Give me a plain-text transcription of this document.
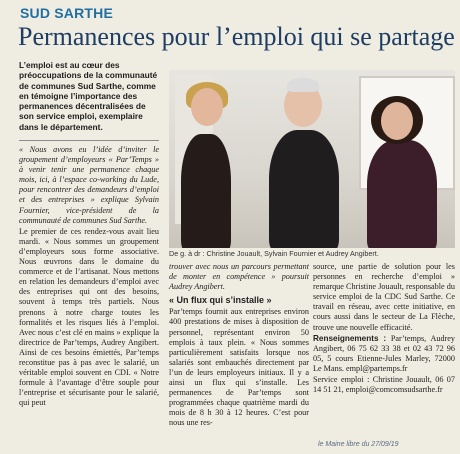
SUD SARTHE
Permanences pour l’emploi qui se partage
L’emploi est au cœur des préoccupations de la communauté de communes Sud Sarthe, comme en témoigne l’importance des permanences décentralisées de son service emploi, exemplaire dans le département.

« Nous avons eu l’idée d’inviter le groupement d’employeurs « Par’Temps » à venir tenir une permanence chaque mois, ici, à l’espace co-working du Lude, pour rencontrer des demandeurs d’emploi et des entreprises » explique Sylvain Fournier, vice-président de la communauté de communes Sud Sarthe.

Le premier de ces rendez-vous avait lieu mardi. « Nous sommes un groupement d’employeurs sous forme associative. Nous œuvrons dans le domaine du commerce et de l’artisanat. Nous mettons en relation les demandeurs d’emploi avec des entreprises qui ont des besoins, souvent à temps très partiels. Nous prenons à notre charge toutes les formalités et les risques liés à l’emploi. Avec nous c’est clé en mains » explique la directrice de Par’temps, Audrey Angibert. Ainsi de ces besoins émiettés, Par’temps reconstitue pas à pas avec le salarié, un véritable emploi souvent en CDI. « Notre formule à l’avantage d’être souple pour l’entreprise et sécurisante pour le salarié, qui peut

De g. à dr : Christine Jouault, Sylvain Fournier et Audrey Angibert.

trouver avec nous un parcours permettant de monter en compétence » poursuit Audrey Angibert.

« Un flux qui s’installe »

Par’temps fournit aux entreprises environ 400 prestations de mises à disposition de personnel, représentant environ 50 emplois à taux plein. « Nous sommes particulièrement satisfaits lorsque nos salariés sont embauchés directement par l’un de leurs employeurs initiaux. Il y a ainsi un flux qui s’installe. Les permanences de Par’temps sont programmées chaque quatrième mardi du mois de 8 h 30 à 12 heures. C’est pour nous une res-

source, une partie de solution pour les personnes en recherche d’emploi » remarque Christine Jouault, responsable du service emploi de la CDC Sud Sarthe. Ce travail en réseau, avec cette initiative, en cours aussi dans le secteur de La Flèche, trouve une nouvelle efficacité.

Renseignements : Par’temps, Audrey Angibert, 06 75 62 33 38 et 02 43 72 96 05, 5 cours Etienne-Jules Marley, 72000 Le Mans. empl@partemps.fr

Service emploi : Christine Jouault, 06 07 14 51 21, emploi@comcomsudsarthe.fr

le Maine libre du 27/09/19
